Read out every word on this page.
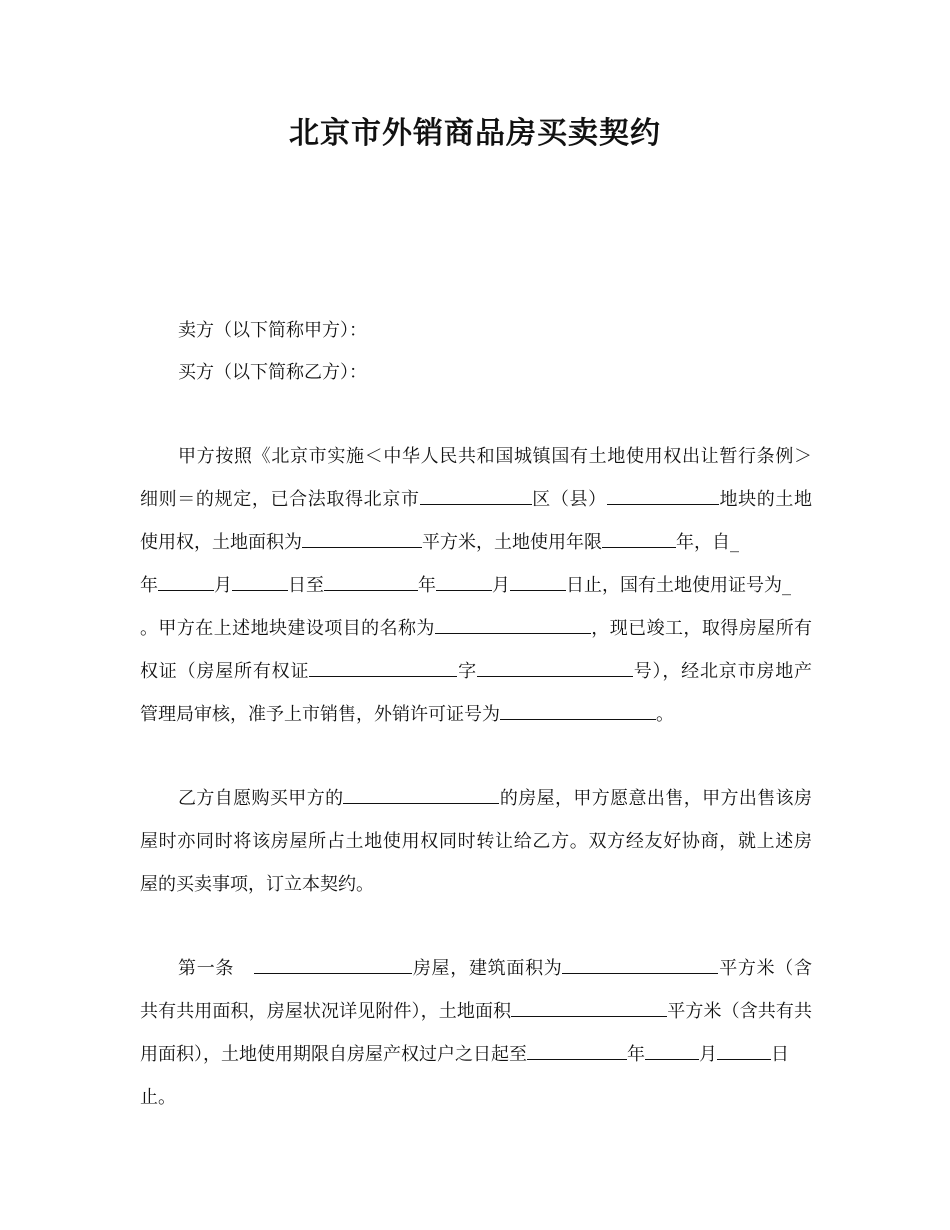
北京市外销商品房买卖契约
卖方（以下简称甲方）：
买方（以下简称乙方）：
甲方按照《北京市实施＜中华人民共和国城镇国有土地使用权出让暂行条例＞
细则＝的规定，已合法取得北京市	区（县）	地块的土地
使用权，土地面积为	平方米，土地使用年限	年，自_
年	月	日至	年	月	日止，国有土地使用证号为_
。甲方在上述地块建设项目的名称为	，现已竣工，取得房屋所有
权证（房屋所有权证	字	号），经北京市房地产
管理局审核，准予上市销售，外销许可证号为	。
乙方自愿购买甲方的	的房屋，甲方愿意出售，甲方出售该房
屋时亦同时将该房屋所占土地使用权同时转让给乙方。双方经友好协商，就上述房
屋的买卖事项，订立本契约。
第一条	房屋，建筑面积为	平方米（含
共有共用面积，房屋状况详见附件），土地面积	平方米（含共有共
用面积），土地使用期限自房屋产权过户之日起至	年	月	日
止。
